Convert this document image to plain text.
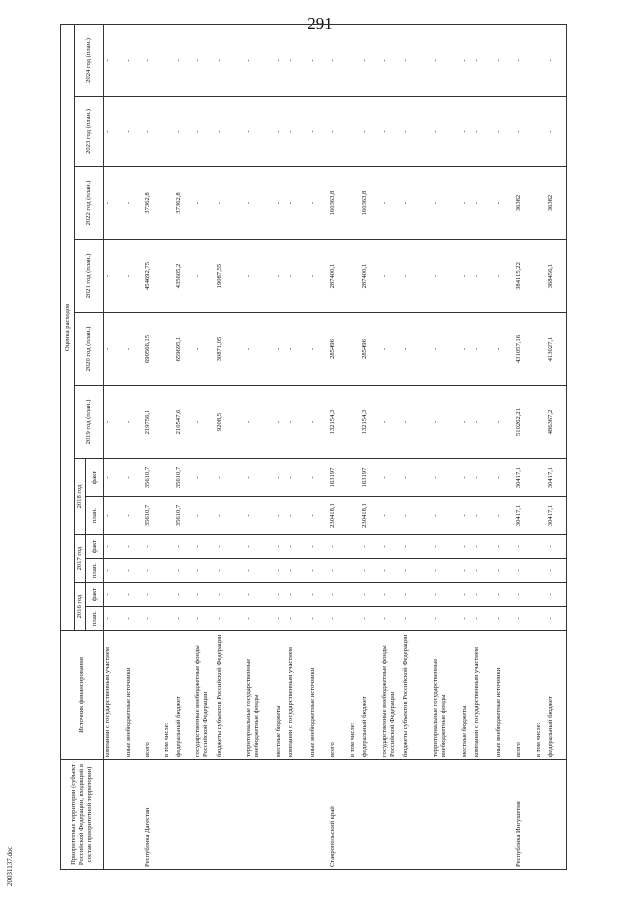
291
Приоритетные территории (субъект Российской Федерации, входящий в состав приоритетной территории)	Источник финансирования	Оценка расходов											
		2016 год		2017 год		2018 год		2019 год (план.)	2020 год (план.)	2021 год (план.)	2022 год (план.)	2023 год (план.)	2024 год (план.)
		план.	факт	план.	факт	план.	факт						
	компании с государственным участием	-	-	-	-	-	-	-	-	-	-	-	-
	иные внебюджетные источники	-	-	-	-	-	-	-	-	-	-	-	-
Республика Дагестан	всего	-	-	-	-	35610,7	35610,7	219756,1	690566,15	454692,75	37362,8	-	-
	в том числе:												
	федеральный бюджет	-	-	-	-	35610,7	35610,7	210547,6	659695,1	435605,2	37362,8	-	-
	государственные внебюджетные фонды Российской Федерации	-	-	-	-	-	-	-	-	-	-	-	-
	бюджеты субъектов Российской Федерации	-	-	-	-	-	-	9208,5	30871,05	19087,55	-	-	-
	территориальные государственные внебюджетные фонды	-	-	-	-	-	-	-	-	-	-	-	-
	местные бюджеты	-	-	-	-	-	-	-	-	-	-	-	-
	компании с государственным участием	-	-	-	-	-	-	-	-	-	-	-	-
	иные внебюджетные источники	-	-	-	-	-	-	-	-	-	-	-	-
Ставропольский край	всего	-	-	-	-	230418,1	163197	132154,3	285496	287400,1	160363,8	-	-
	в том числе:												
	федеральный бюджет	-	-	-	-	230418,1	163197	132154,3	285496	287400,1	160363,8	-	-
	государственные внебюджетные фонды Российской Федерации	-	-	-	-	-	-	-	-	-	-	-	-
	бюджеты субъектов Российской Федерации	-	-	-	-	-	-	-	-	-	-	-	-
	территориальные государственные внебюджетные фонды	-	-	-	-	-	-	-	-	-	-	-	-
	местные бюджеты	-	-	-	-	-	-	-	-	-	-	-	-
	компании с государственным участием	-	-	-	-	-	-	-	-	-	-	-	-
	иные внебюджетные источники	-	-	-	-	-	-	-	-	-	-	-	-
Республика Ингушетия	всего	-	-	-	-	30417,1	30417,1	510262,21	431057,16	384115,22	36382	-	-
	в том числе:												
	федеральный бюджет	-	-	-	-	30417,1	30417,1	486367,2	413027,1	368456,1	36382	-	-
20031137.doc
